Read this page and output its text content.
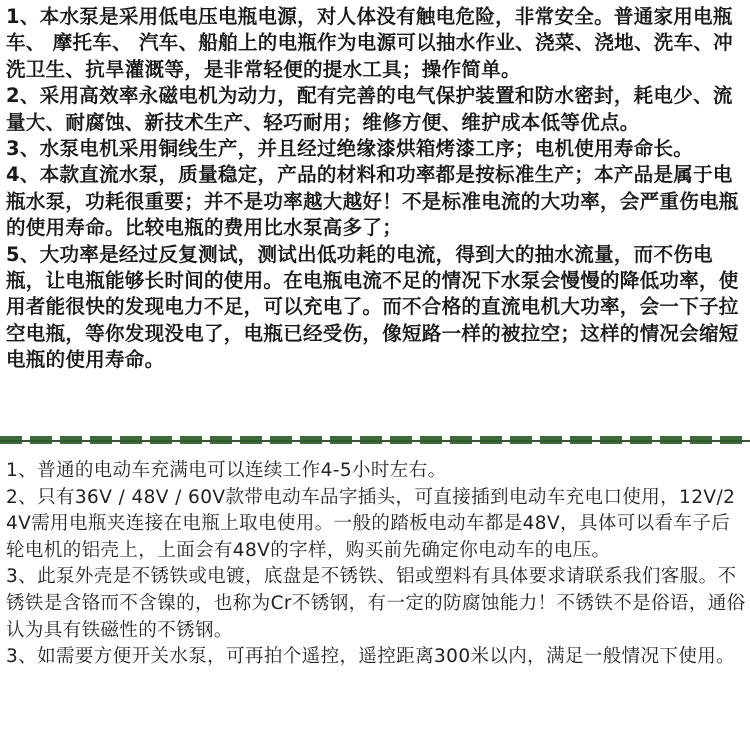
1、本水泵是采用低电压电瓶电源，对人体没有触电危险，非常安全。普通家用电瓶车、 摩托车、 汽车、船舶上的电瓶作为电源可以抽水作业、浇菜、浇地、洗车、冲洗卫生、抗旱灌溉等，是非常轻便的提水工具；操作简单。

2、采用高效率永磁电机为动力，配有完善的电气保护装置和防水密封，耗电少、流量大、耐腐蚀、新技术生产、轻巧耐用；维修方便、维护成本低等优点。

3、水泵电机采用铜线生产，并且经过绝缘漆烘箱烤漆工序；电机使用寿命长。

4、本款直流水泵，质量稳定，产品的材料和功率都是按标准生产；本产品是属于电瓶水泵，功耗很重要；并不是功率越大越好！不是标准电流的大功率，会严重伤电瓶的使用寿命。比较电瓶的费用比水泵高多了；

5、大功率是经过反复测试，测试出低功耗的电流，得到大的抽水流量，而不伤电瓶，让电瓶能够长时间的使用。在电瓶电流不足的情况下水泵会慢慢的降低功率，使用者能很快的发现电力不足，可以充电了。而不合格的直流电机大功率，会一下子拉空电瓶，等你发现没电了，电瓶已经受伤，像短路一样的被拉空；这样的情况会缩短电瓶的使用寿命。

1、普通的电动车充满电可以连续工作4-5小时左右。

2、只有36V / 48V / 60V款带电动车品字插头，可直接插到电动车充电口使用，12V/24V需用电瓶夹连接在电瓶上取电使用。一般的踏板电动车都是48V，具体可以看车子后轮电机的铝壳上，上面会有48V的字样，购买前先确定你电动车的电压。

3、此泵外壳是不锈铁或电镀，底盘是不锈铁、铝或塑料有具体要求请联系我们客服。不锈铁是含铬而不含镍的，也称为Cr不锈钢，有一定的防腐蚀能力！不锈铁不是俗语，通俗认为具有铁磁性的不锈钢。

3、如需要方便开关水泵，可再拍个遥控，遥控距离300米以内，满足一般情况下使用。
